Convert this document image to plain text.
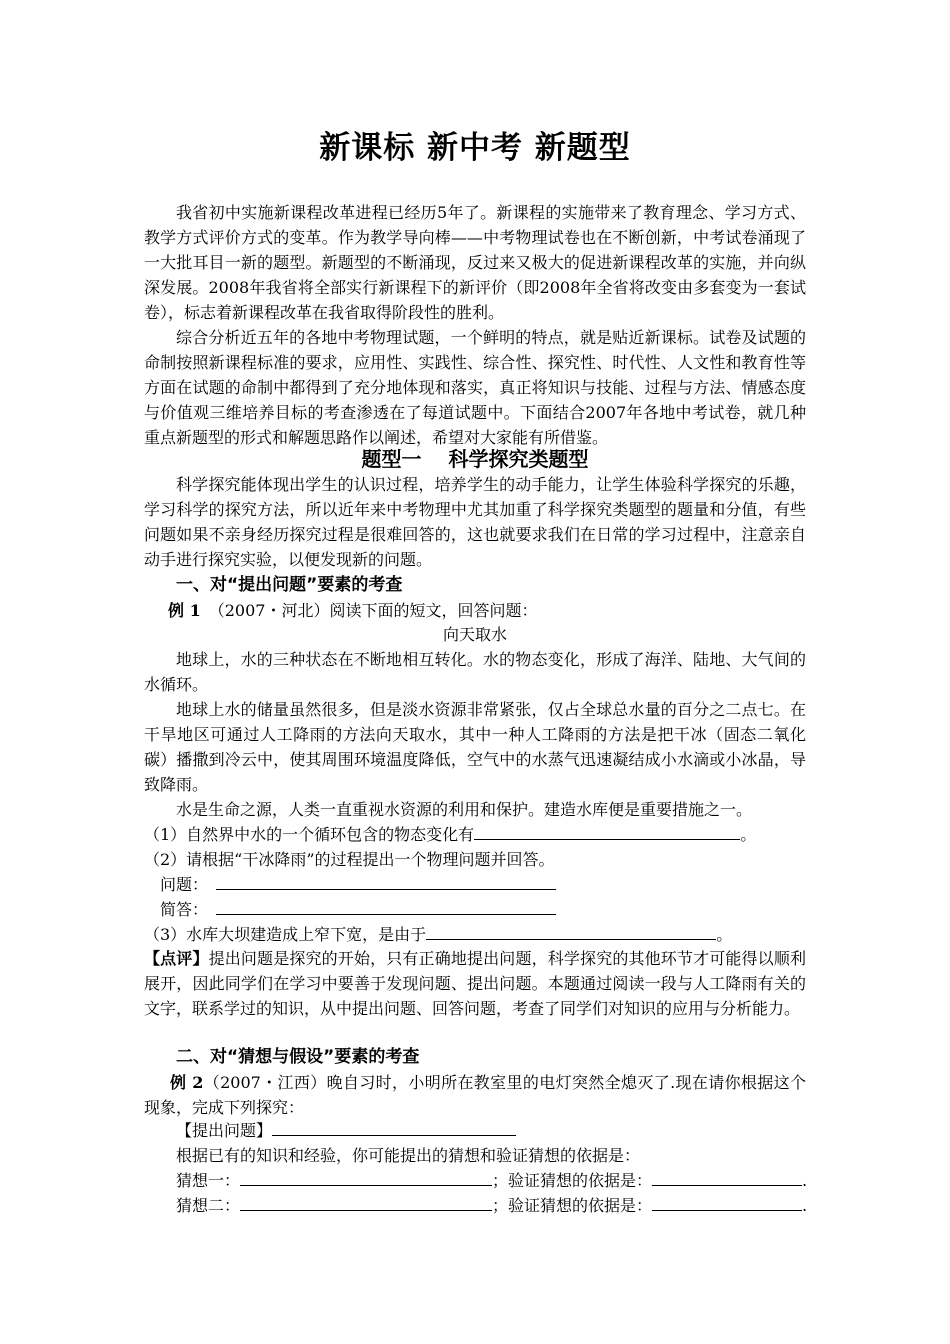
新课标 新中考 新题型

我省初中实施新课程改革进程已经历5年了。新课程的实施带来了教育理念、学习方式、教学方式评价方式的变革。作为教学导向棒——中考物理试卷也在不断创新，中考试卷涌现了一大批耳目一新的题型。新题型的不断涌现，反过来又极大的促进新课程改革的实施，并向纵深发展。2008年我省将全部实行新课程下的新评价（即2008年全省将改变由多套变为一套试卷），标志着新课程改革在我省取得阶段性的胜利。

综合分析近五年的各地中考物理试题，一个鲜明的特点，就是贴近新课标。试卷及试题的命制按照新课程标准的要求，应用性、实践性、综合性、探究性、时代性、人文性和教育性等方面在试题的命制中都得到了充分地体现和落实，真正将知识与技能、过程与方法、情感态度与价值观三维培养目标的考查渗透在了每道试题中。下面结合2007年各地中考试卷，就几种重点新题型的形式和解题思路作以阐述，希望对大家能有所借鉴。

题型一　 科学探究类题型

科学探究能体现出学生的认识过程，培养学生的动手能力，让学生体验科学探究的乐趣，学习科学的探究方法，所以近年来中考物理中尤其加重了科学探究类题型的题量和分值，有些问题如果不亲身经历探究过程是很难回答的，这也就要求我们在日常的学习过程中，注意亲自动手进行探究实验，以便发现新的问题。

一、对“提出问题”要素的考查
例 1　（2007・河北）阅读下面的短文，回答问题：
向天取水

地球上，水的三种状态在不断地相互转化。水的物态变化，形成了海洋、陆地、大气间的水循环。

地球上水的储量虽然很多，但是淡水资源非常紧张，仅占全球总水量的百分之二点七。在干旱地区可通过人工降雨的方法向天取水，其中一种人工降雨的方法是把干冰（固态二氧化碳）播撒到冷云中，使其周围环境温度降低，空气中的水蒸气迅速凝结成小水滴或小冰晶，导致降雨。

水是生命之源，人类一直重视水资源的利用和保护。建造水库便是重要措施之一。

（1）自然界中水的一个循环包含的物态变化有	。
（2）请根据“干冰降雨”的过程提出一个物理问题并回答。
问题：
简答：
（3）水库大坝建造成上窄下宽，是由于	。

【点评】提出问题是探究的开始，只有正确地提出问题，科学探究的其他环节才可能得以顺利展开，因此同学们在学习中要善于发现问题、提出问题。本题通过阅读一段与人工降雨有关的文字，联系学过的知识，从中提出问题、回答问题，考查了同学们对知识的应用与分析能力。

二、对“猜想与假设”要素的考查

例 2（2007・江西）晚自习时，小明所在教室里的电灯突然全熄灭了.现在请你根据这个现象，完成下列探究：

【提出问题】
根据已有的知识和经验，你可能提出的猜想和验证猜想的依据是：
猜想一：	；验证猜想的依据是：	.
猜想二：	；验证猜想的依据是：	.
